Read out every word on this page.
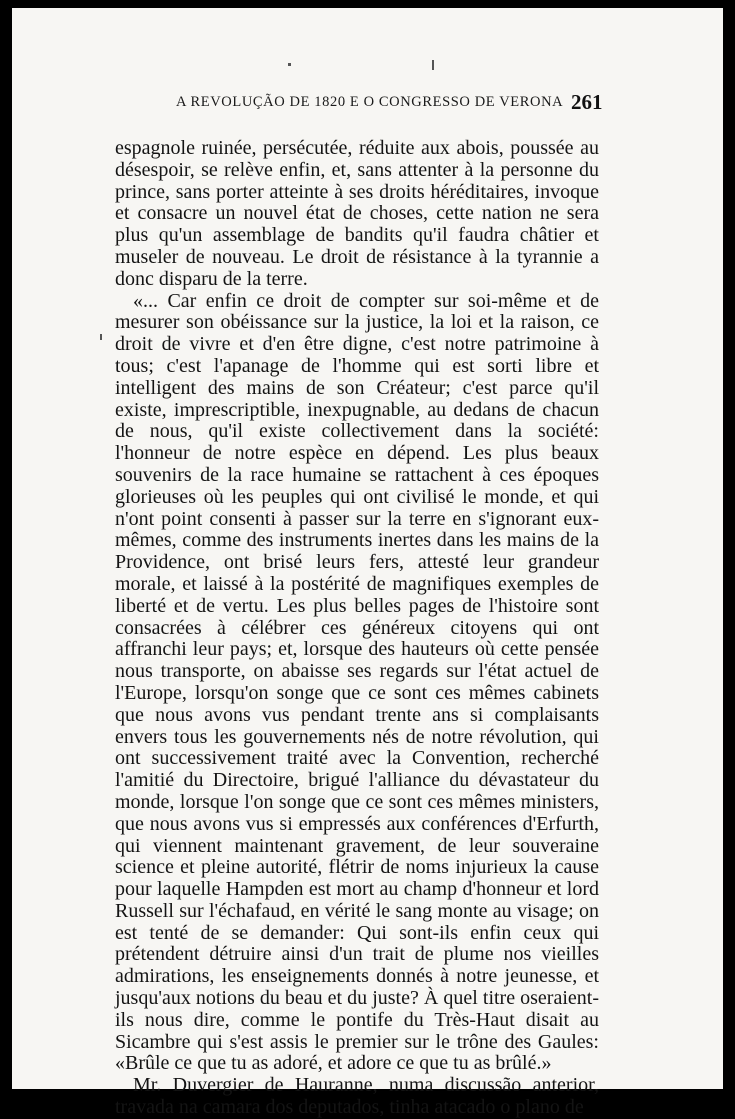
A REVOLUÇÃO DE 1820 E O CONGRESSO DE VERONA 261

espagnole ruinée, persécutée, réduite aux abois, poussée au désespoir, se relève enfin, et, sans attenter à la personne du prince, sans porter atteinte à ses droits héréditaires, invoque et consacre un nouvel état de choses, cette nation ne sera plus qu'un assemblage de bandits qu'il faudra châtier et museler de nouveau. Le droit de résistance à la tyrannie a donc disparu de la terre.

«... Car enfin ce droit de compter sur soi-même et de mesurer son obéissance sur la justice, la loi et la raison, ce droit de vivre et d'en être digne, c'est notre patrimoine à tous; c'est l'apanage de l'homme qui est sorti libre et intelligent des mains de son Créateur; c'est parce qu'il existe, imprescriptible, inexpugnable, au dedans de chacun de nous, qu'il existe collectivement dans la société: l'honneur de notre espèce en dépend. Les plus beaux souvenirs de la race humaine se rattachent à ces époques glorieuses où les peuples qui ont civilisé le monde, et qui n'ont point consenti à passer sur la terre en s'ignorant eux-mêmes, comme des instruments inertes dans les mains de la Providence, ont brisé leurs fers, attesté leur grandeur morale, et laissé à la postérité de magnifiques exemples de liberté et de vertu. Les plus belles pages de l'histoire sont consacrées à célébrer ces généreux citoyens qui ont affranchi leur pays; et, lorsque des hauteurs où cette pensée nous transporte, on abaisse ses regards sur l'état actuel de l'Europe, lorsqu'on songe que ce sont ces mêmes cabinets que nous avons vus pendant trente ans si complaisants envers tous les gouvernements nés de notre révolution, qui ont successivement traité avec la Convention, recherché l'amitié du Directoire, brigué l'alliance du dévastateur du monde, lorsque l'on songe que ce sont ces mêmes ministers, que nous avons vus si empressés aux conférences d'Erfurth, qui viennent maintenant gravement, de leur souveraine science et pleine autorité, flétrir de noms injurieux la cause pour laquelle Hampden est mort au champ d'honneur et lord Russell sur l'échafaud, en vérité le sang monte au visage; on est tenté de se demander: Qui sont-ils enfin ceux qui prétendent détruire ainsi d'un trait de plume nos vieilles admirations, les enseignements donnés à notre jeunesse, et jusqu'aux notions du beau et du juste? À quel titre oseraient-ils nous dire, comme le pontife du Très-Haut disait au Sicambre qui s'est assis le premier sur le trône des Gaules: «Brûle ce que tu as adoré, et adore ce que tu as brûlé.»

Mr. Duvergier de Hauranne, numa discussão anterior, travada na camara dos deputados, tinha atacado o plano de
